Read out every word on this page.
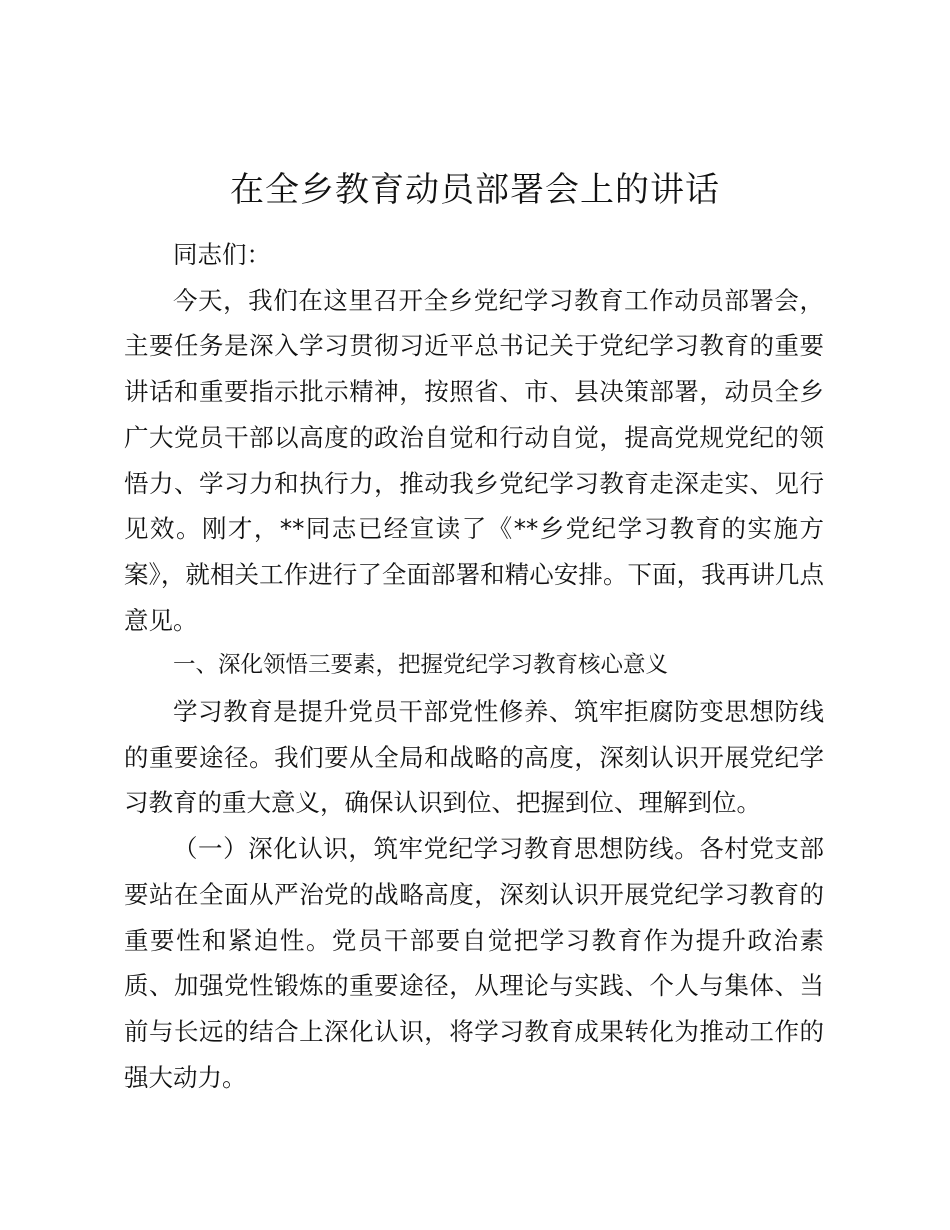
在全乡教育动员部署会上的讲话

同志们：

今天，我们在这里召开全乡党纪学习教育工作动员部署会，主要任务是深入学习贯彻习近平总书记关于党纪学习教育的重要讲话和重要指示批示精神，按照省、市、县决策部署，动员全乡广大党员干部以高度的政治自觉和行动自觉，提高党规党纪的领悟力、学习力和执行力，推动我乡党纪学习教育走深走实、见行见效。刚才，**同志已经宣读了《**乡党纪学习教育的实施方案》，就相关工作进行了全面部署和精心安排。下面，我再讲几点意见。

一、深化领悟三要素，把握党纪学习教育核心意义

学习教育是提升党员干部党性修养、筑牢拒腐防变思想防线的重要途径。我们要从全局和战略的高度，深刻认识开展党纪学习教育的重大意义，确保认识到位、把握到位、理解到位。

（一）深化认识，筑牢党纪学习教育思想防线。各村党支部要站在全面从严治党的战略高度，深刻认识开展党纪学习教育的重要性和紧迫性。党员干部要自觉把学习教育作为提升政治素质、加强党性锻炼的重要途径，从理论与实践、个人与集体、当前与长远的结合上深化认识，将学习教育成果转化为推动工作的强大动力。
